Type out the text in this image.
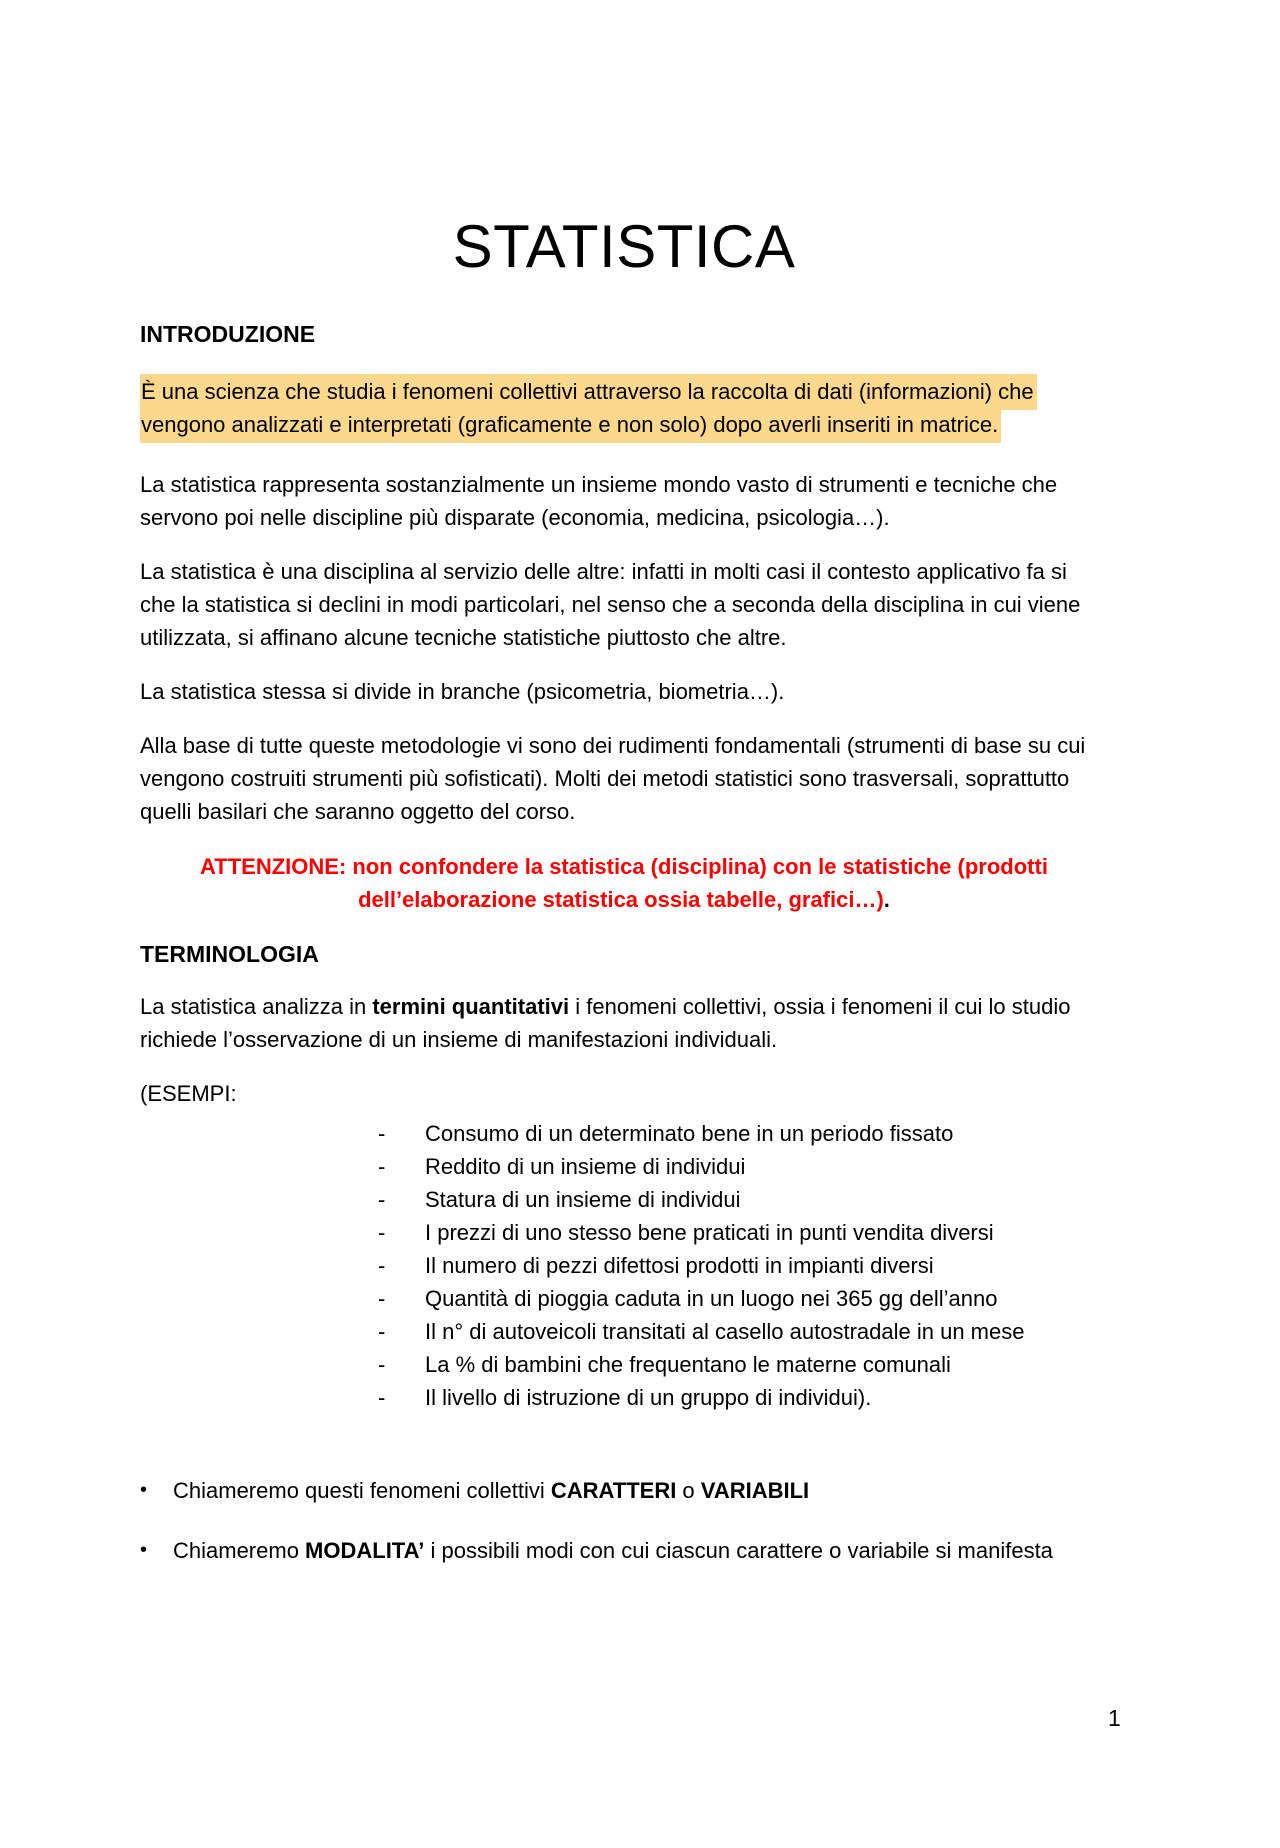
STATISTICA
INTRODUZIONE

È una scienza che studia i fenomeni collettivi attraverso la raccolta di dati (informazioni) che vengono analizzati e interpretati (graficamente e non solo) dopo averli inseriti in matrice.

La statistica rappresenta sostanzialmente un insieme mondo vasto di strumenti e tecniche che servono poi nelle discipline più disparate (economia, medicina, psicologia…).

La statistica è una disciplina al servizio delle altre: infatti in molti casi il contesto applicativo fa si che la statistica si declini in modi particolari, nel senso che a seconda della disciplina in cui viene utilizzata, si affinano alcune tecniche statistiche piuttosto che altre.

La statistica stessa si divide in branche (psicometria, biometria…).

Alla base di tutte queste metodologie vi sono dei rudimenti fondamentali (strumenti di base su cui vengono costruiti strumenti più sofisticati). Molti dei metodi statistici sono trasversali, soprattutto quelli basilari che saranno oggetto del corso.

ATTENZIONE: non confondere la statistica (disciplina) con le statistiche (prodotti
dell’elaborazione statistica ossia tabelle, grafici…).
TERMINOLOGIA

La statistica analizza in termini quantitativi i fenomeni collettivi, ossia i fenomeni il cui lo studio richiede l’osservazione di un insieme di manifestazioni individuali.

(ESEMPI:

-	Consumo di un determinato bene in un periodo fissato
-	Reddito di un insieme di individui
-	Statura di un insieme di individui
-	I prezzi di uno stesso bene praticati in punti vendita diversi
-	Il numero di pezzi difettosi prodotti in impianti diversi
-	Quantità di pioggia caduta in un luogo nei 365 gg dell’anno
-	Il n° di autoveicoli transitati al casello autostradale in un mese
-	La % di bambini che frequentano le materne comunali
-	Il livello di istruzione di un gruppo di individui).
•	Chiameremo questi fenomeni collettivi CARATTERI o VARIABILI
•	Chiameremo MODALITA’ i possibili modi con cui ciascun carattere o variabile si manifesta
1
